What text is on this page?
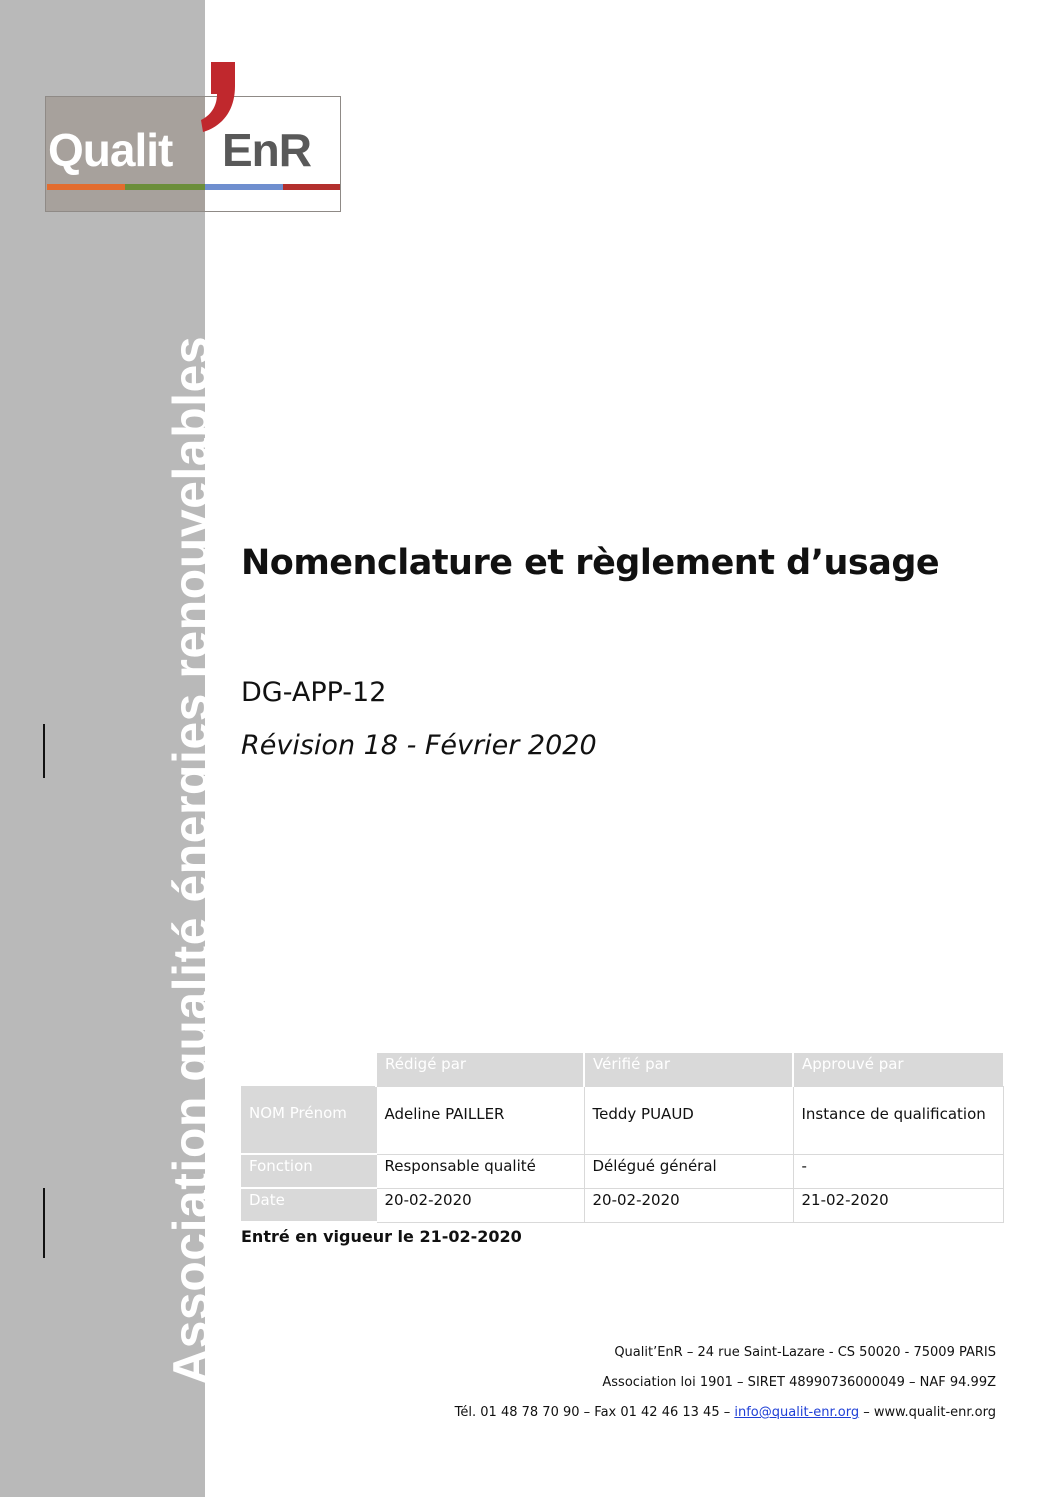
Association qualité énergies renouvelables
Qualit EnR
Nomenclature et règlement d’usage
DG-APP-12
Révision 18 - Février 2020
	Rédigé par	Vérifié par	Approuvé par
NOM Prénom	Adeline PAILLER	Teddy PUAUD	Instance de qualification
Fonction	Responsable qualité	Délégué général	-
Date	20-02-2020	20-02-2020	21-02-2020
Entré en vigueur le 21-02-2020
Qualit’EnR – 24 rue Saint-Lazare - CS 50020 - 75009 PARIS
Association loi 1901 – SIRET 48990736000049 – NAF 94.99Z
Tél. 01 48 78 70 90 – Fax 01 42 46 13 45 – info@qualit-enr.org – www.qualit-enr.org
